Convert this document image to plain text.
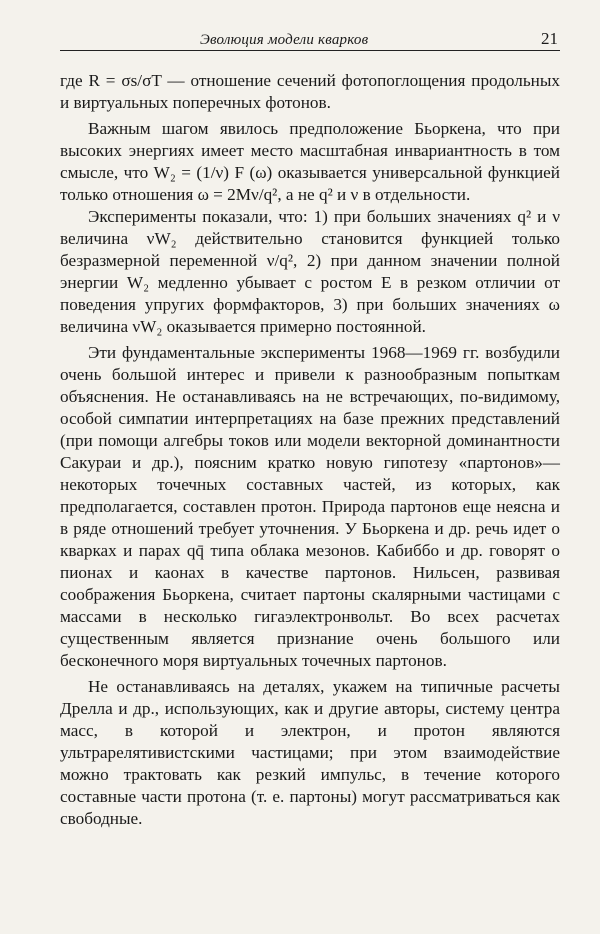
Эволюция модели кварков	21

где R = σs/σT — отношение сечений фотопоглощения продольных и виртуальных поперечных фотонов.

Важным шагом явилось предположение Бьоркена, что при высоких энергиях имеет место масштабная инвариантность в том смысле, что W₂ = (1/ν) F (ω) оказывается универсальной функцией только отношения ω = 2Mν/q², а не q² и ν в отдельности.

Эксперименты показали, что: 1) при больших значениях q² и ν величина νW₂ действительно становится функцией только безразмерной переменной ν/q², 2) при данном значении полной энергии W₂ медленно убывает с ростом E в резком отличии от поведения упругих формфакторов, 3) при больших значениях ω величина νW₂ оказывается примерно постоянной.

Эти фундаментальные эксперименты 1968—1969 гг. возбудили очень большой интерес и привели к разнообразным попыткам объяснения. Не останавливаясь на не встречающих, по-видимому, особой симпатии интерпретациях на базе прежних представлений (при помощи алгебры токов или модели векторной доминантности Сакураи и др.), поясним кратко новую гипотезу «партонов»— некоторых точечных составных частей, из которых, как предполагается, составлен протон. Природа партонов еще неясна и в ряде отношений требует уточнения. У Бьоркена и др. речь идет о кварках и парах qq̄ типа облака мезонов. Кабиббо и др. говорят о пионах и каонах в качестве партонов. Нильсен, развивая соображения Бьоркена, считает партоны скалярными частицами с массами в несколько гигаэлектронвольт. Во всех расчетах существенным является признание очень большого или бесконечного моря виртуальных точечных партонов.

Не останавливаясь на деталях, укажем на типичные расчеты Дрелла и др., использующих, как и другие авторы, систему центра масс, в которой и электрон, и протон являются ультрарелятивистскими частицами; при этом взаимодействие можно трактовать как резкий импульс, в течение которого составные части протона (т. е. партоны) могут рассматриваться как свободные.
